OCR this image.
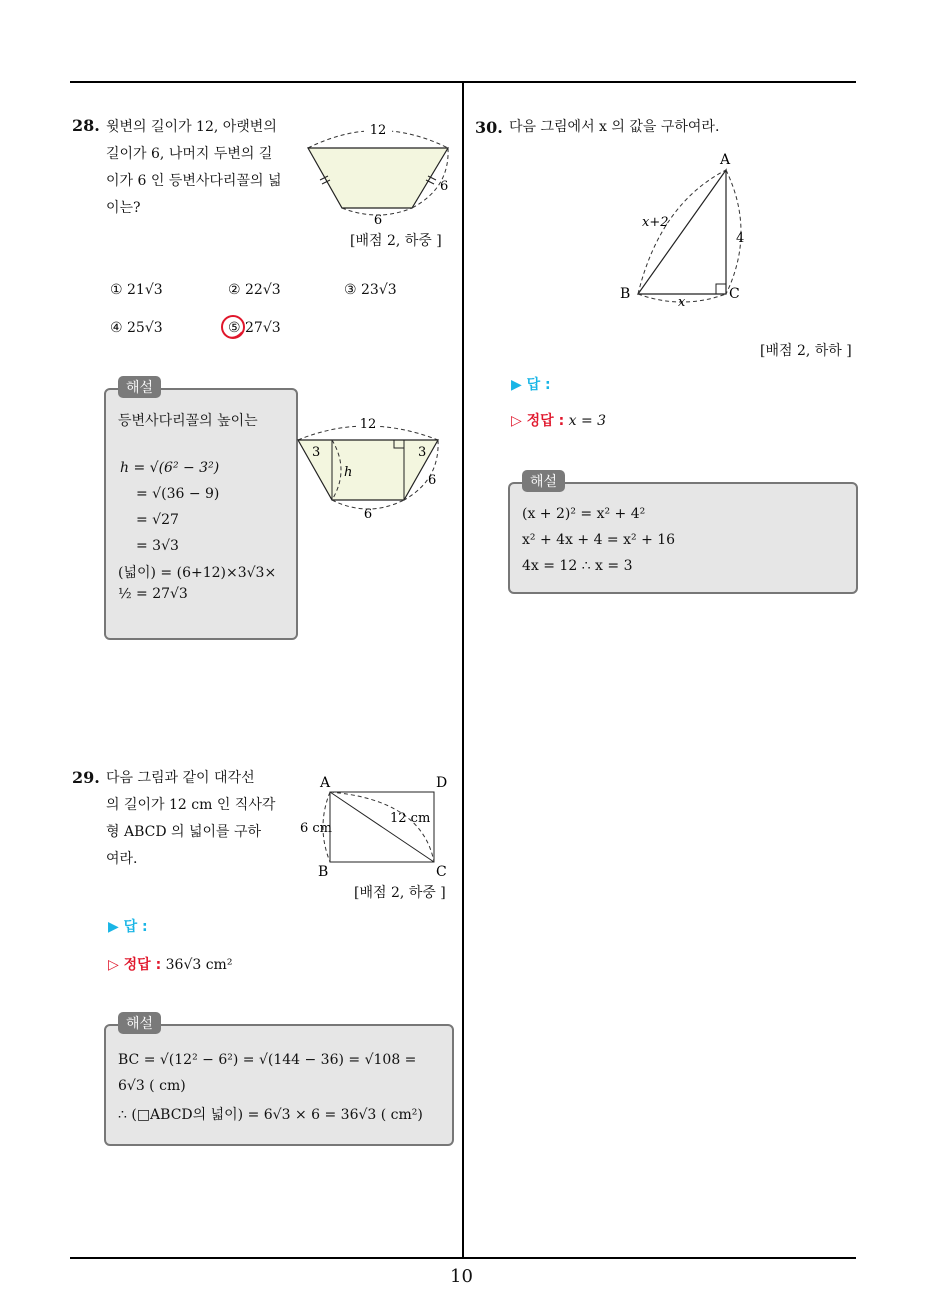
10
28. 윗변의 길이가 12, 아랫변의
길이가 6, 나머지 두변의 길
이가 6 인 등변사다리꼴의 넓
이는?
12
6
6
[배점 2, 하중 ]
① 21√3	② 22√3	③ 23√3
④ 25√3	⑤ 27√3
등변사다리꼴의 높이는
h = √(6² − 3²)
= √(36 − 9)
= √27
= 3√3
(넓이) = (6+12)×3√3×
½ = 27√3
해설
12
3	3
h
6
6
29. 다음 그림과 같이 대각선
의 길이가 12 cm 인 직사각
형 ABCD 의 넓이를 구하
여라.
A	D
B	C
12 cm
6 cm
[배점 2, 하중 ]
▶ 답 :
▷ 정답 : 36√3 cm²
BC = √(12² − 6²) = √(144 − 36) = √108 =
6√3 ( cm)
∴ (□ABCD의 넓이) = 6√3 × 6 = 36√3 ( cm²)
해설
30. 다음 그림에서 x 의 값을 구하여라.
A
B	C
x+2
4
x
[배점 2, 하하 ]
▶ 답 :
▷ 정답 : x = 3
(x + 2)² = x² + 4²
x² + 4x + 4 = x² + 16
4x = 12 ∴ x = 3
해설
